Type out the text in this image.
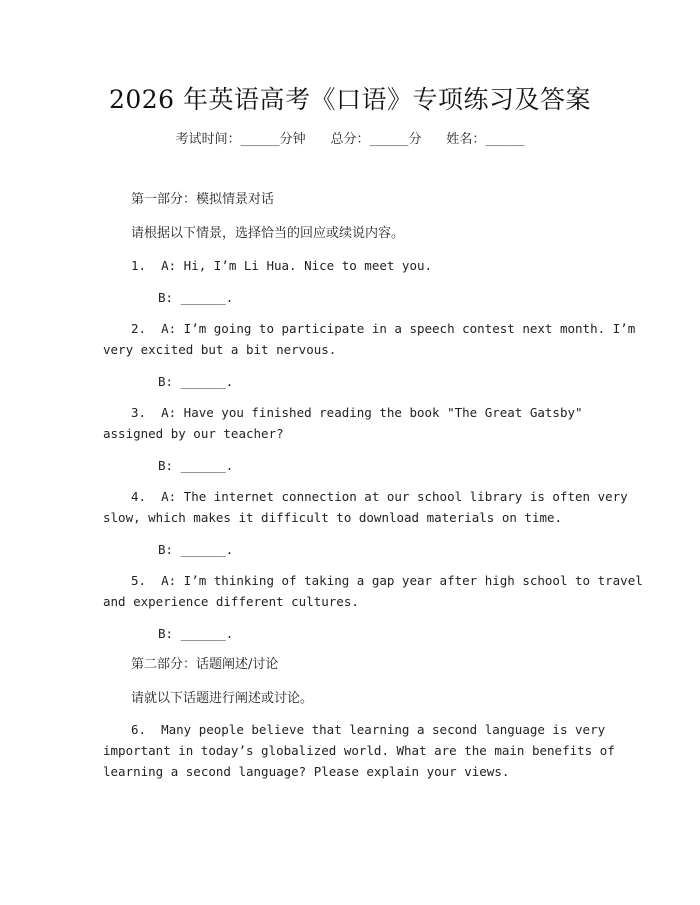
2026 年英语高考《口语》专项练习及答案
考试时间：______分钟 总分：______分 姓名：______
第一部分：模拟情景对话
请根据以下情景，选择恰当的回应或续说内容。
1.  A: Hi, I’m Li Hua. Nice to meet you.
B: ______.
2.  A: I’m going to participate in a speech contest next month. I’m
very excited but a bit nervous.
B: ______.
3.  A: Have you finished reading the book "The Great Gatsby"
assigned by our teacher?
B: ______.
4.  A: The internet connection at our school library is often very
slow, which makes it difficult to download materials on time.
B: ______.
5.  A: I’m thinking of taking a gap year after high school to travel
and experience different cultures.
B: ______.
第二部分：话题阐述/讨论
请就以下话题进行阐述或讨论。
6.  Many people believe that learning a second language is very
important in today’s globalized world. What are the main benefits of
learning a second language? Please explain your views.
